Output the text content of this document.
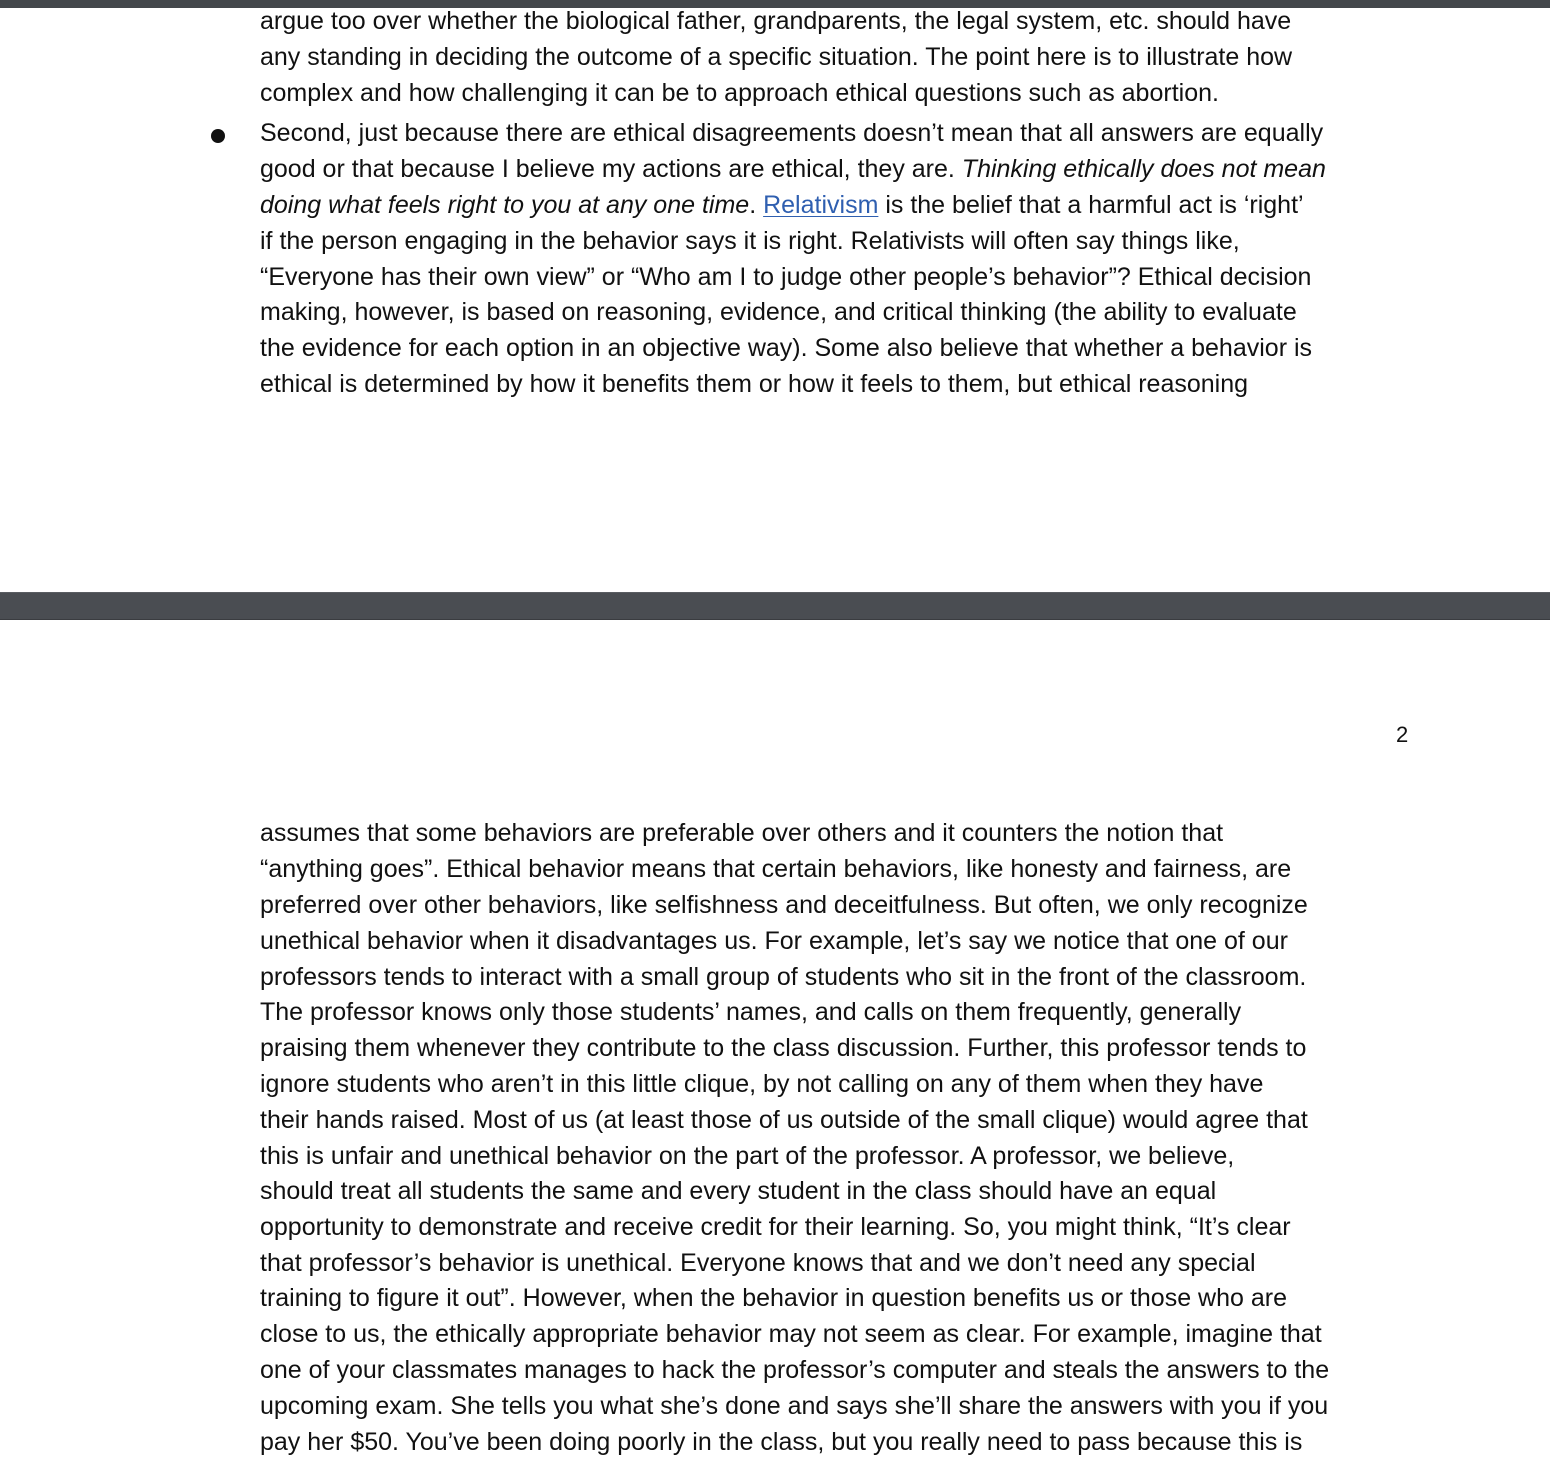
argue too over whether the biological father, grandparents, the legal system, etc. should have
any standing in deciding the outcome of a specific situation. The point here is to illustrate how
complex and how challenging it can be to approach ethical questions such as abortion.
Second, just because there are ethical disagreements doesn’t mean that all answers are equally
good or that because I believe my actions are ethical, they are. Thinking ethically does not mean
doing what feels right to you at any one time. Relativism is the belief that a harmful act is ‘right’
if the person engaging in the behavior says it is right. Relativists will often say things like,
“Everyone has their own view” or “Who am I to judge other people’s behavior”? Ethical decision
making, however, is based on reasoning, evidence, and critical thinking (the ability to evaluate
the evidence for each option in an objective way). Some also believe that whether a behavior is
ethical is determined by how it benefits them or how it feels to them, but ethical reasoning
2
assumes that some behaviors are preferable over others and it counters the notion that
“anything goes”. Ethical behavior means that certain behaviors, like honesty and fairness, are
preferred over other behaviors, like selfishness and deceitfulness. But often, we only recognize
unethical behavior when it disadvantages us. For example, let’s say we notice that one of our
professors tends to interact with a small group of students who sit in the front of the classroom.
The professor knows only those students’ names, and calls on them frequently, generally
praising them whenever they contribute to the class discussion. Further, this professor tends to
ignore students who aren’t in this little clique, by not calling on any of them when they have
their hands raised. Most of us (at least those of us outside of the small clique) would agree that
this is unfair and unethical behavior on the part of the professor. A professor, we believe,
should treat all students the same and every student in the class should have an equal
opportunity to demonstrate and receive credit for their learning. So, you might think, “It’s clear
that professor’s behavior is unethical. Everyone knows that and we don’t need any special
training to figure it out”. However, when the behavior in question benefits us or those who are
close to us, the ethically appropriate behavior may not seem as clear. For example, imagine that
one of your classmates manages to hack the professor’s computer and steals the answers to the
upcoming exam. She tells you what she’s done and says she’ll share the answers with you if you
pay her $50. You’ve been doing poorly in the class, but you really need to pass because this is
